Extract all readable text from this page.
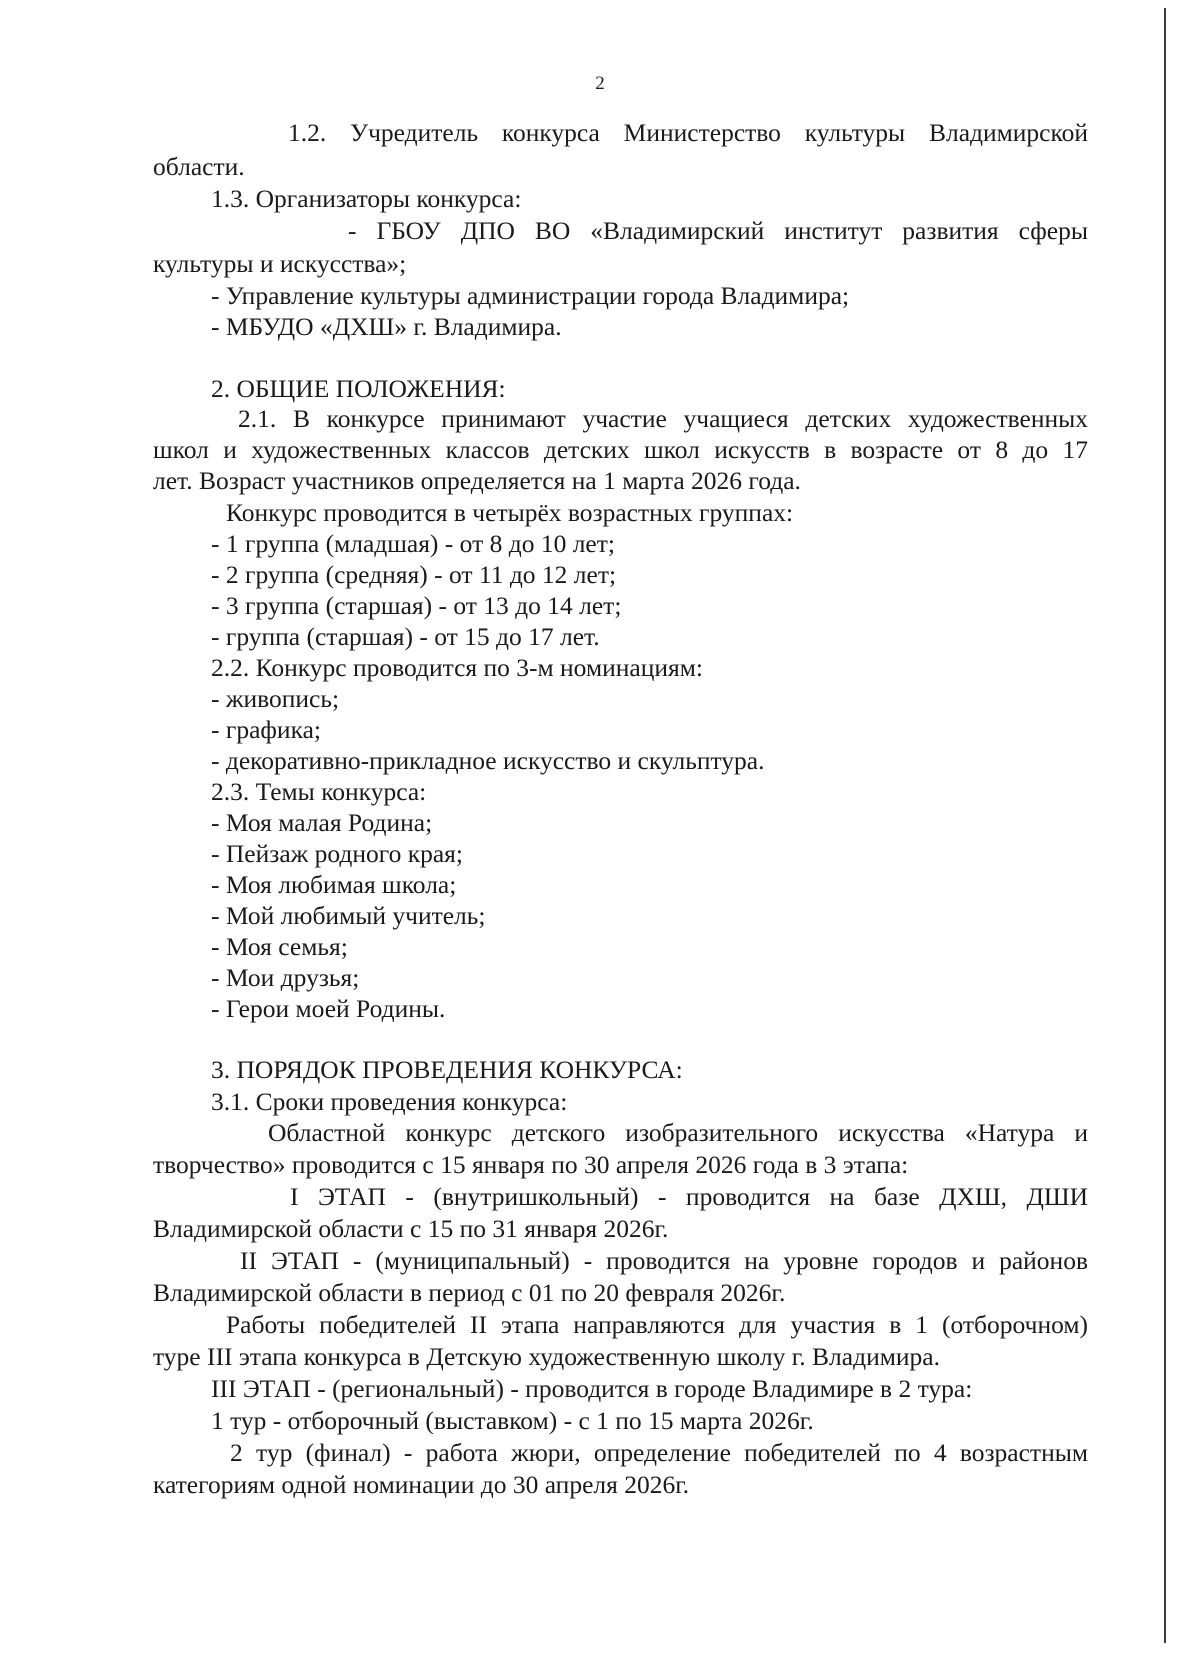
2
1.2. Учредитель конкурса Министерство культуры Владимирской
области.
1.3. Организаторы конкурса:
- ГБОУ ДПО ВО «Владимирский институт развития сферы
культуры и искусства»;
- Управление культуры администрации города Владимира;
- МБУДО «ДХШ» г. Владимира.
2. ОБЩИЕ ПОЛОЖЕНИЯ:
2.1. В конкурсе принимают участие учащиеся детских художественных
школ и художественных классов детских школ искусств в возрасте от 8 до 17
лет. Возраст участников определяется на 1 марта 2026 года.
Конкурс проводится в четырёх возрастных группах:
- 1 группа (младшая) - от 8 до 10 лет;
- 2 группа (средняя) - от 11 до 12 лет;
- 3 группа (старшая) - от 13 до 14 лет;
- группа (старшая) - от 15 до 17 лет.
2.2. Конкурс проводится по 3-м номинациям:
- живопись;
- графика;
- декоративно-прикладное искусство и скульптура.
2.3. Темы конкурса:
- Моя малая Родина;
- Пейзаж родного края;
- Моя любимая школа;
- Мой любимый учитель;
- Моя семья;
- Мои друзья;
- Герои моей Родины.
3. ПОРЯДОК ПРОВЕДЕНИЯ КОНКУРСА:
3.1. Сроки проведения конкурса:
Областной конкурс детского изобразительного искусства «Натура и
творчество» проводится с 15 января по 30 апреля 2026 года в 3 этапа:
I ЭТАП - (внутришкольный) - проводится на базе ДХШ, ДШИ
Владимирской области с 15 по 31 января 2026г.
II ЭТАП - (муниципальный) - проводится на уровне городов и районов
Владимирской области в период с 01 по 20 февраля 2026г.
Работы победителей II этапа направляются для участия в 1 (отборочном)
туре III этапа конкурса в Детскую художественную школу г. Владимира.
III ЭТАП - (региональный) - проводится в городе Владимире в 2 тура:
1 тур - отборочный (выставком) - с 1 по 15 марта 2026г.
2 тур (финал) - работа жюри, определение победителей по 4 возрастным
категориям одной номинации до 30 апреля 2026г.
